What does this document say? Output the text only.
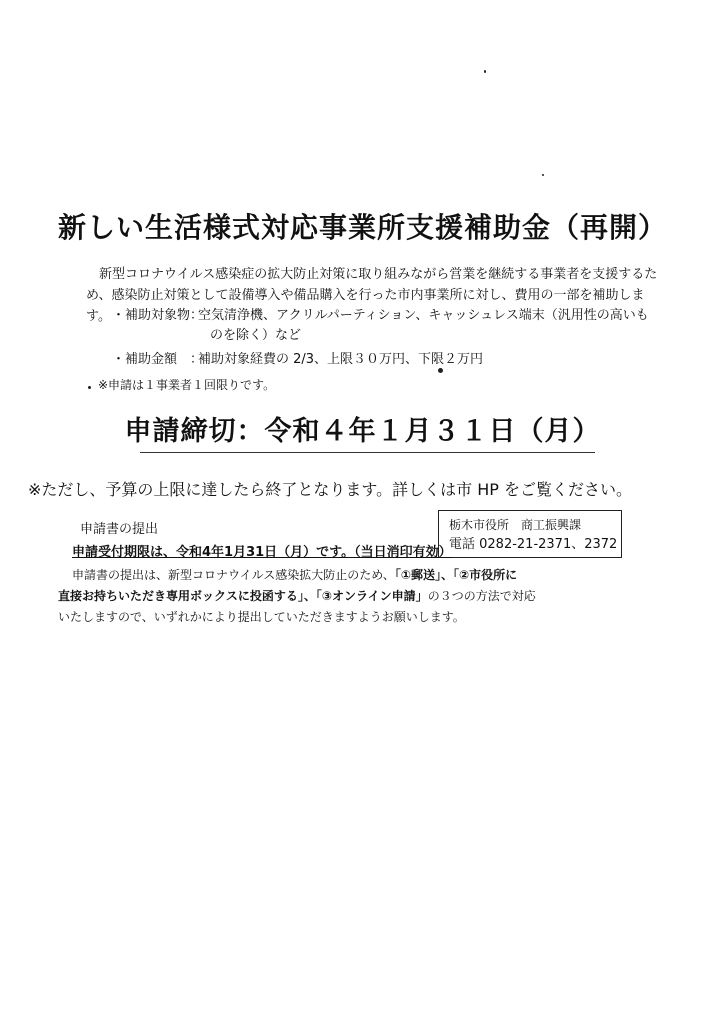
新しい生活様式対応事業所支援補助金（再開）
新型コロナウイルス感染症の拡大防止対策に取り組みながら営業を継続する事業者を支援するた
め、感染防止対策として設備導入や備品購入を行った市内事業所に対し、費用の一部を補助します。 ・補助対象物：空気清浄機、アクリルパーティション、キャッシュレス端末（汎用性の高いも
のを除く）など
・補助金額　：補助対象経費の 2/3、上限３０万円、下限２万円
※申請は１事業者１回限りです。
申請締切：令和４年１月３１日（月）
※ただし、予算の上限に達したら終了となります。詳しくは市 HP をご覧ください。
栃木市役所　商工振興課
電話 0282-21-2371、2372
申請書の提出
申請受付期限は、令和4年1月31日（月）です。（当日消印有効）
申請書の提出は、新型コロナウイルス感染拡大防止のため、「①郵送」、「②市役所に
直接お持ちいただき専用ボックスに投函する」、「③オンライン申請」の３つの方法で対応
いたしますので、いずれかにより提出していただきますようお願いします。
